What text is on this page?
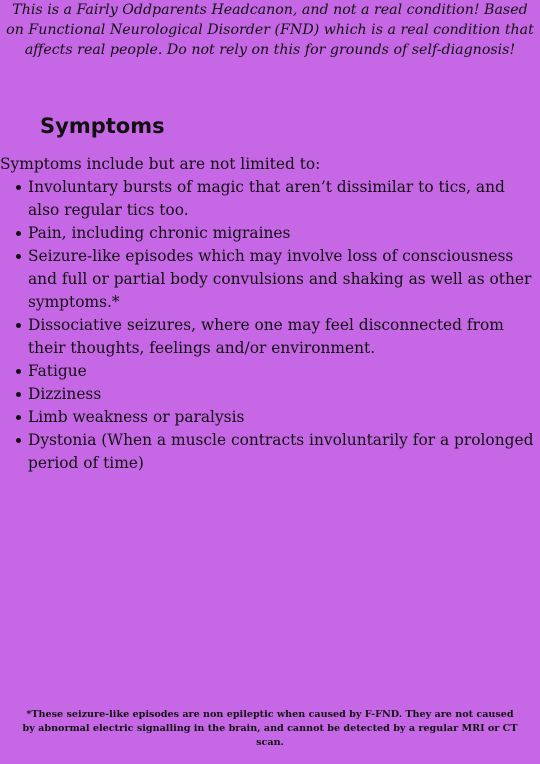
This is a Fairly Oddparents Headcanon, and not a real condition! Based on Functional Neurological Disorder (FND) which is a real condition that affects real people. Do not rely on this for grounds of self-diagnosis!
Symptoms

Symptoms include but are not limited to:

Involuntary bursts of magic that aren’t dissimilar to tics, and also regular tics too.
Pain, including chronic migraines
Seizure-like episodes which may involve loss of consciousness and full or partial body convulsions and shaking as well as other symptoms.*
Dissociative seizures, where one may feel disconnected from their thoughts, feelings and/or environment.
Fatigue
Dizziness
Limb weakness or paralysis
Dystonia (When a muscle contracts involuntarily for a prolonged period of time)
*These seizure-like episodes are non epileptic when caused by F-FND. They are not caused by abnormal electric signalling in the brain, and cannot be detected by a regular MRI or CT scan.
